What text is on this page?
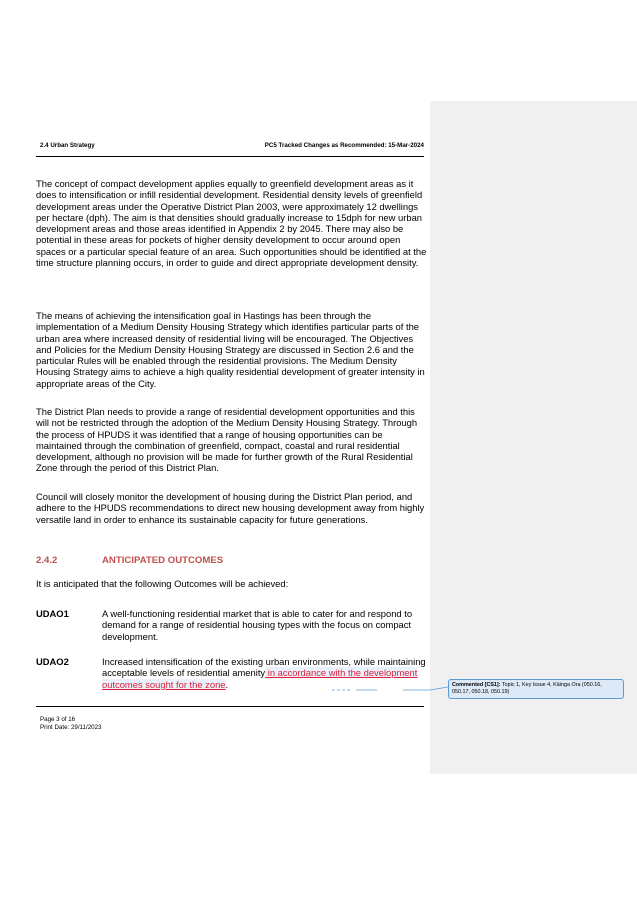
2.4 Urban Strategy	PC5 Tracked Changes as Recommended: 15-Mar-2024

The concept of compact development applies equally to greenfield development areas as it does to intensification or infill residential development. Residential density levels of greenfield development areas under the Operative District Plan 2003, were approximately 12 dwellings per hectare (dph). The aim is that densities should gradually increase to 15dph for new urban development areas and those areas identified in Appendix 2 by 2045. There may also be potential in these areas for pockets of higher density development to occur around open spaces or a particular special feature of an area. Such opportunities should be identified at the time structure planning occurs, in order to guide and direct appropriate development density.

The means of achieving the intensification goal in Hastings has been through the implementation of a Medium Density Housing Strategy which identifies particular parts of the urban area where increased density of residential living will be encouraged. The Objectives and Policies for the Medium Density Housing Strategy are discussed in Section 2.6 and the particular Rules will be enabled through the residential provisions. The Medium Density Housing Strategy aims to achieve a high quality residential development of greater intensity in appropriate areas of the City.

The District Plan needs to provide a range of residential development opportunities and this will not be restricted through the adoption of the Medium Density Housing Strategy. Through the process of HPUDS it was identified that a range of housing opportunities can be maintained through the combination of greenfield, compact, coastal and rural residential development, although no provision will be made for further growth of the Rural Residential Zone through the period of this District Plan.

Council will closely monitor the development of housing during the District Plan period, and adhere to the HPUDS recommendations to direct new housing development away from highly versatile land in order to enhance its sustainable capacity for future generations.

2.4.2	ANTICIPATED OUTCOMES

It is anticipated that the following Outcomes will be achieved:

UDAO1	A well-functioning residential market that is able to cater for and respond to demand for a range of residential housing types with the focus on compact development.

UDAO2	Increased intensification of the existing urban environments, while maintaining acceptable levels of residential amenity in accordance with the development outcomes sought for the zone.	Commented [CS1]: Topic 1, Key Issue 4, Kāinga Ora (050.16, 050.17, 050.18, 050.19)
Page 3 of 16
Print Date: 29/11/2023
